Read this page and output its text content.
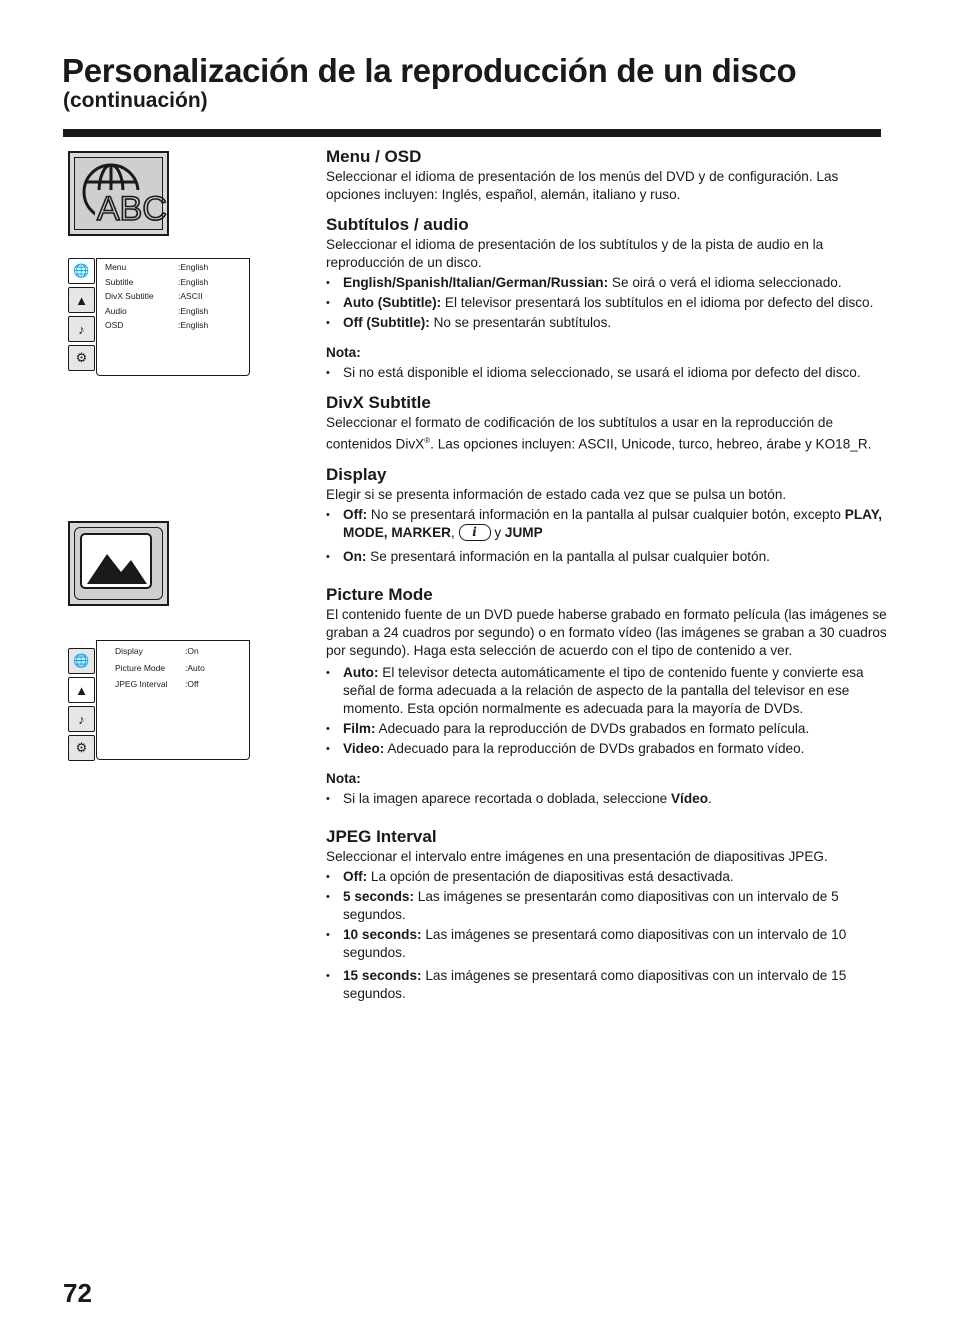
Personalización de la reproducción de un disco
(continuación)
ABC
🌐
▲
♪
⚙
Menu	:English
Subtitle	:English
DivX Subtitle	:ASCII
Audio	:English
OSD	:English
🌐
▲
♪
⚙
Display	:On
Picture Mode :Auto
JPEG Interval :Off
Menu / OSD

Seleccionar el idioma de presentación de los menús del DVD y de configuración. Las opciones incluyen: Inglés, español, alemán, italiano y ruso.

Subtítulos / audio

Seleccionar el idioma de presentación de los subtítulos y de la pista de audio en la reproducción de un disco.

• English/Spanish/Italian/German/Russian: Se oirá o verá el idioma seleccionado.
• Auto (Subtitle): El televisor presentará los subtítulos en el idioma por defecto del disco.
• Off (Subtitle): No se presentarán subtítulos.

Nota:

• Si no está disponible el idioma seleccionado, se usará el idioma por defecto del disco.
DivX Subtitle

Seleccionar el formato de codificación de los subtítulos a usar en la reproducción de contenidos DivX®. Las opciones incluyen: ASCII, Unicode, turco, hebreo, árabe y KO18_R.

Display

Elegir si se presenta información de estado cada vez que se pulsa un botón.

• Off: No se presentará información en la pantalla al pulsar cualquier botón, excepto PLAY, MODE, MARKER, i y JUMP
• On: Se presentará información en la pantalla al pulsar cualquier botón.
Picture Mode

El contenido fuente de un DVD puede haberse grabado en formato película (las imágenes se graban a 24 cuadros por segundo) o en formato vídeo (las imágenes se graban a 30 cuadros por segundo). Haga esta selección de acuerdo con el tipo de contenido a ver.

• Auto: El televisor detecta automáticamente el tipo de contenido fuente y convierte esa señal de forma adecuada a la relación de aspecto de la pantalla del televisor en ese momento. Esta opción normalmente es adecuada para la mayoría de DVDs.
• Film: Adecuado para la reproducción de DVDs grabados en formato película.
• Video: Adecuado para la reproducción de DVDs grabados en formato vídeo.

Nota:

• Si la imagen aparece recortada o doblada, seleccione Vídeo.
JPEG Interval

Seleccionar el intervalo entre imágenes en una presentación de diapositivas JPEG.

• Off: La opción de presentación de diapositivas está desactivada.
• 5 seconds: Las imágenes se presentarán como diapositivas con un intervalo de 5 segundos.
• 10 seconds: Las imágenes se presentará como diapositivas con un intervalo de 10 segundos.
• 15 seconds: Las imágenes se presentará como diapositivas con un intervalo de 15 segundos.
72
